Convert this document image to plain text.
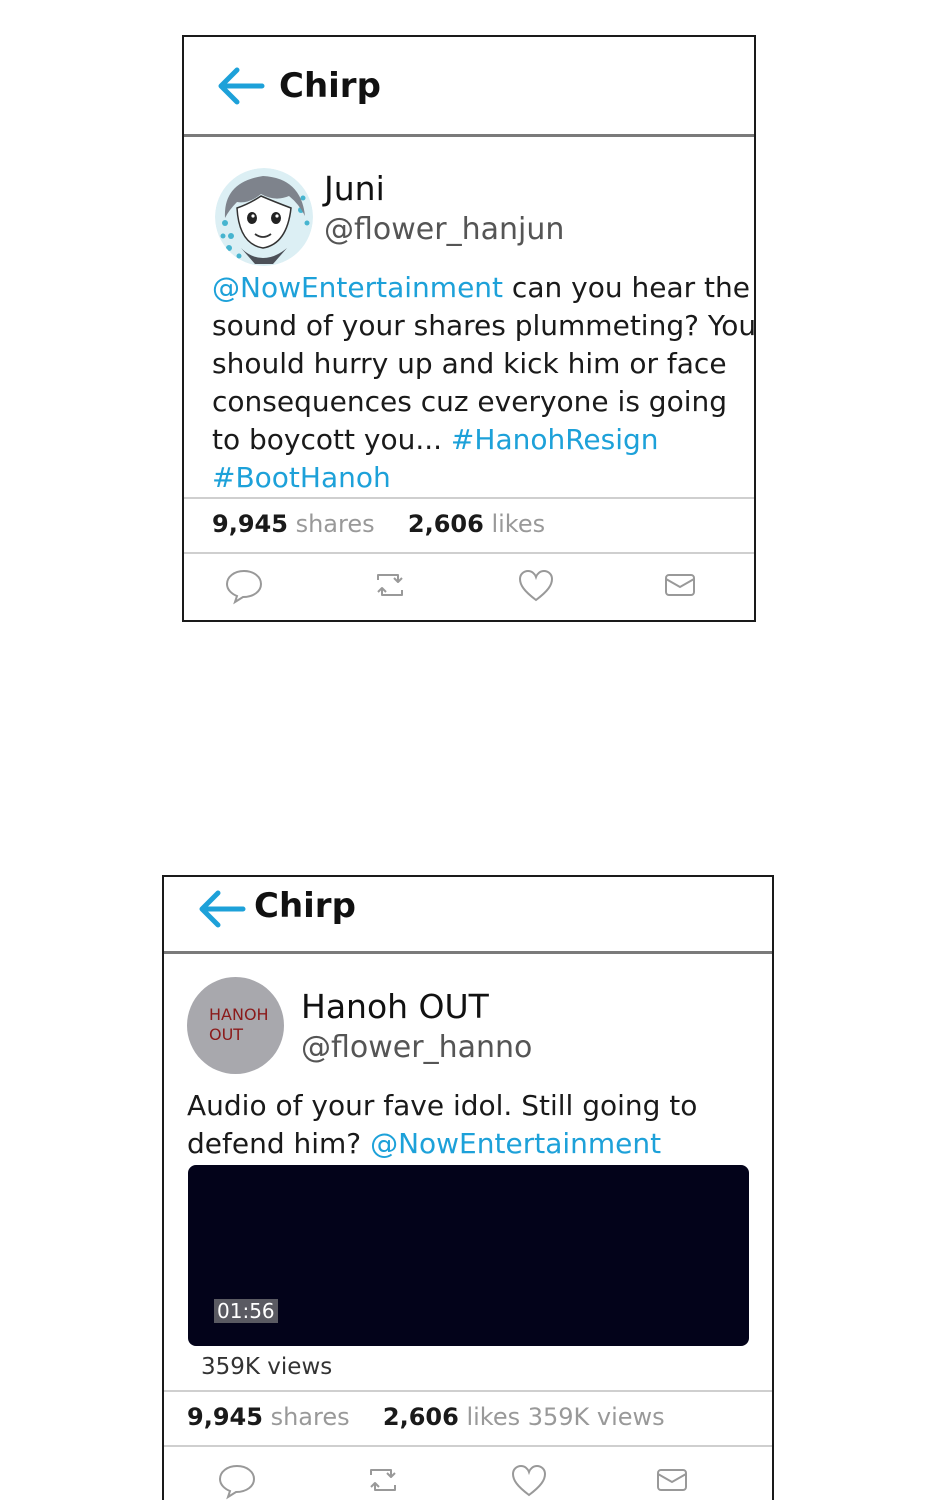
Chirp
Juni
@flower_hanjun
@NowEntertainment can you hear the
sound of your shares plummeting? You
should hurry up and kick him or face
consequences cuz everyone is going
to boycott you... #HanohResign
#BootHanoh
9,945 shares 2,606 likes
Chirp
HANOH
OUT
Hanoh OUT
@flower_hanno
Audio of your fave idol. Still going to
defend him? @NowEntertainment
01:56
359K views
9,945 shares 2,606 likes 359K views
